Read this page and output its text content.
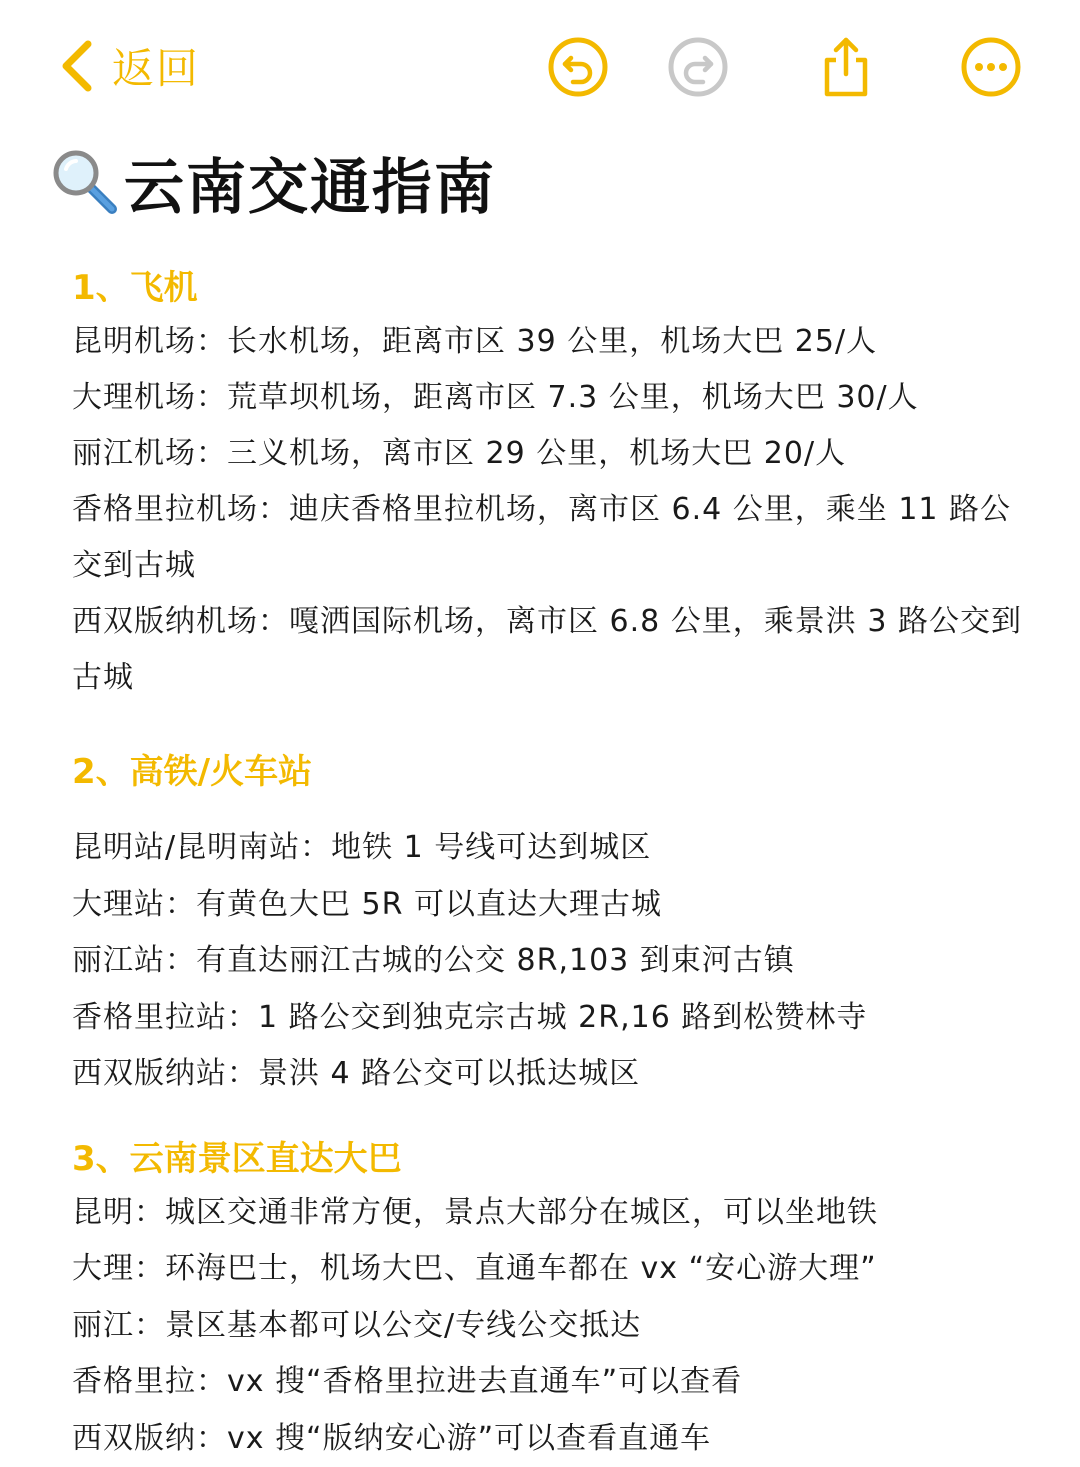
返回
云南交通指南

1、飞机

昆明机场：长水机场，距离市区 39 公里，机场大巴 25/人

大理机场：荒草坝机场，距离市区 7.3 公里，机场大巴 30/人

丽江机场：三义机场，离市区 29 公里，机场大巴 20/人

香格里拉机场：迪庆香格里拉机场，离市区 6.4 公里，乘坐 11 路公

交到古城

西双版纳机场：嘎洒国际机场，离市区 6.8 公里，乘景洪 3 路公交到

古城

2、高铁/火车站

昆明站/昆明南站：地铁 1 号线可达到城区

大理站：有黄色大巴 5R 可以直达大理古城

丽江站：有直达丽江古城的公交 8R,103 到束河古镇

香格里拉站：1 路公交到独克宗古城 2R,16 路到松赞林寺

西双版纳站：景洪 4 路公交可以抵达城区

3、云南景区直达大巴

昆明：城区交通非常方便，景点大部分在城区，可以坐地铁

大理：环海巴士，机场大巴、直通车都在 vx “安心游大理”

丽江：景区基本都可以公交/专线公交抵达

香格里拉：vx 搜“香格里拉进去直通车”可以查看

西双版纳：vx 搜“版纳安心游”可以查看直通车
